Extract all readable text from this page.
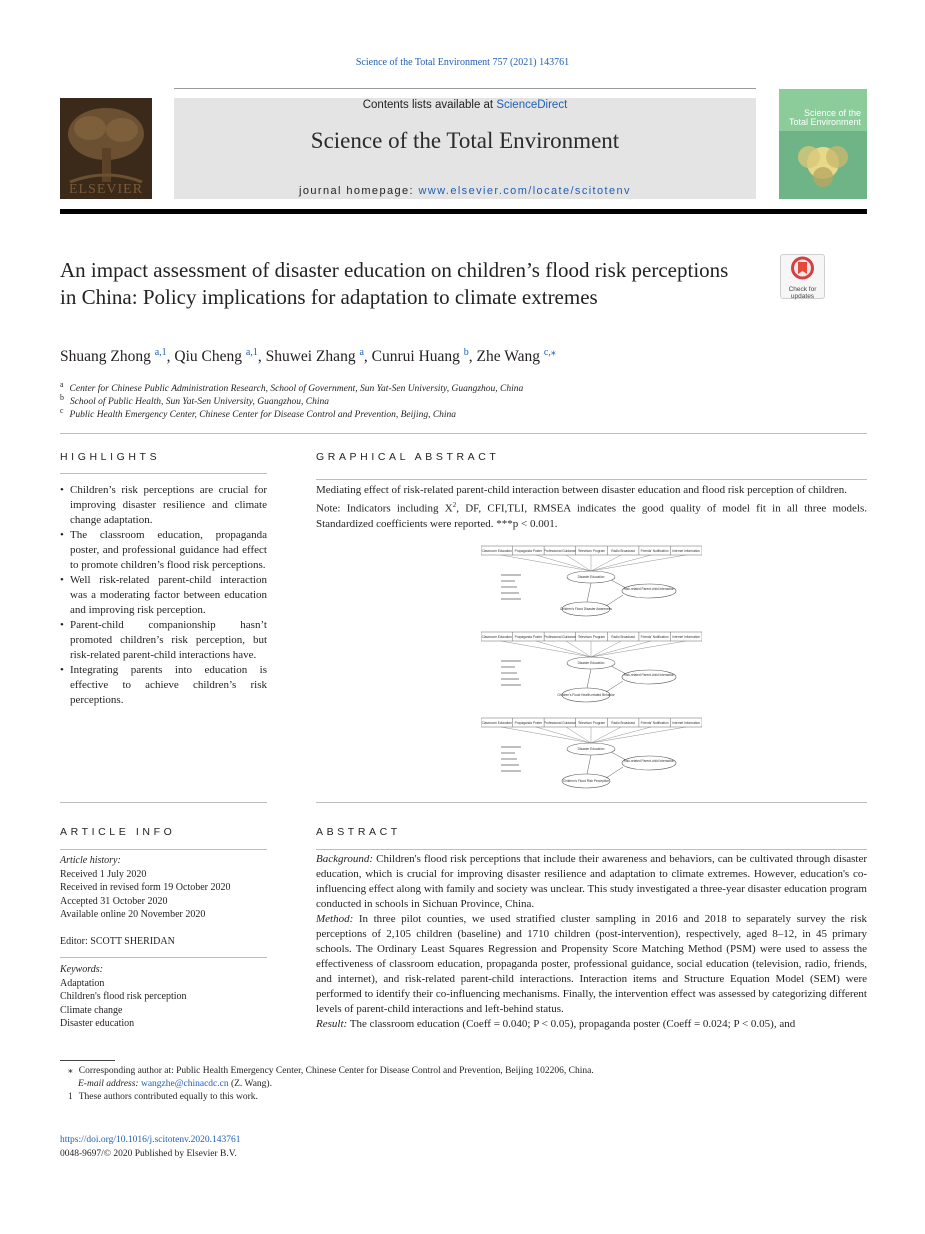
Science of the Total Environment 757 (2021) 143761
ELSEVIER
Contents lists available at ScienceDirect
Science of the Total Environment
journal homepage: www.elsevier.com/locate/scitotenv
Science of the Total Environment
An impact assessment of disaster education on children’s flood risk perceptions in China: Policy implications for adaptation to climate extremes	Check for
updates
Shuang Zhong $^{a,1}$, Qiu Cheng $^{a,1}$, Shuwei Zhang $^a$, Cunrui Huang $^b$, Zhe Wang $^{c,⁎}$
$^a$ Center for Chinese Public Administration Research, School of Government, Sun Yat-Sen University, Guangzhou, China
$^b$ School of Public Health, Sun Yat-Sen University, Guangzhou, China
$^c$ Public Health Emergency Center, Chinese Center for Disease Control and Prevention, Beijing, China
HIGHLIGHTS
• Children’s risk perceptions are crucial for improving disaster resilience and climate change adaptation.
• The classroom education, propaganda poster, and professional guidance had effect to promote children’s flood risk perceptions.
• Well risk-related parent-child interaction was a moderating factor between education and improving risk perception.
• Parent-child companionship hasn’t promoted children’s risk perception, but risk-related parent-child interactions have.
• Integrating parents into education is effective to achieve children’s risk perceptions.
GRAPHICAL ABSTRACT
Mediating effect of risk-related parent-child interaction between disaster education and flood risk perception of children.
Note: Indicators including $X^2$, DF, CFI,TLI, RMSEA indicates the good quality of model fit in all three models. Standardized coefficients were reported. ***p < 0.001.
Classroom Education Propaganda Poster Professional Guidance Television Program Radio Broadcast Friends' Notification Internet Information
Disaster Education
Risk-related Parent-child Interaction
Children's Flood Disaster Awareness
Classroom Education Propaganda Poster Professional Guidance Television Program Radio Broadcast Friends' Notification Internet Information
Disaster Education
Risk-related Parent-child Interaction
Children's Flood Health-related Behavior
Classroom Education Propaganda Poster Professional Guidance Television Program Radio Broadcast Friends' Notification Internet Information
Disaster Education
Risk-related Parent-child Interaction
Children's Flood Risk Perception
ARTICLE INFO
Article history:
Received 1 July 2020
Received in revised form 19 October 2020
Accepted 31 October 2020
Available online 20 November 2020
Editor: SCOTT SHERIDAN
Keywords:
Adaptation
Children's flood risk perception
Climate change
Disaster education
ABSTRACT
Background: Children's flood risk perceptions that include their awareness and behaviors, can be cultivated through disaster education, which is crucial for improving disaster resilience and adaptation to climate extremes. However, education's co-influencing effect along with family and society was unclear. This study investigated a three-year disaster education program conducted in schools in Sichuan Province, China.
Method: In three pilot counties, we used stratified cluster sampling in 2016 and 2018 to separately survey the risk perceptions of 2,105 children (baseline) and 1710 children (post-intervention), respectively, aged 8–12, in 45 primary schools. The Ordinary Least Squares Regression and Propensity Score Matching Method (PSM) were used to assess the effectiveness of classroom education, propaganda poster, professional guidance, social education (television, radio, friends, and internet), and risk-related parent-child interactions. Interaction items and Structure Equation Model (SEM) were performed to identify their co-influencing mechanisms. Finally, the intervention effect was assessed by categorizing different levels of parent-child interactions and left-behind status.
Result: The classroom education (Coeff = 0.040; P < 0.05), propaganda poster (Coeff = 0.024; P < 0.05), and
⁎ Corresponding author at: Public Health Emergency Center, Chinese Center for Disease Control and Prevention, Beijing 102206, China.
E-mail address: wangzhe@chinacdc.cn (Z. Wang).
1 These authors contributed equally to this work.
https://doi.org/10.1016/j.scitotenv.2020.143761
0048-9697/© 2020 Published by Elsevier B.V.
